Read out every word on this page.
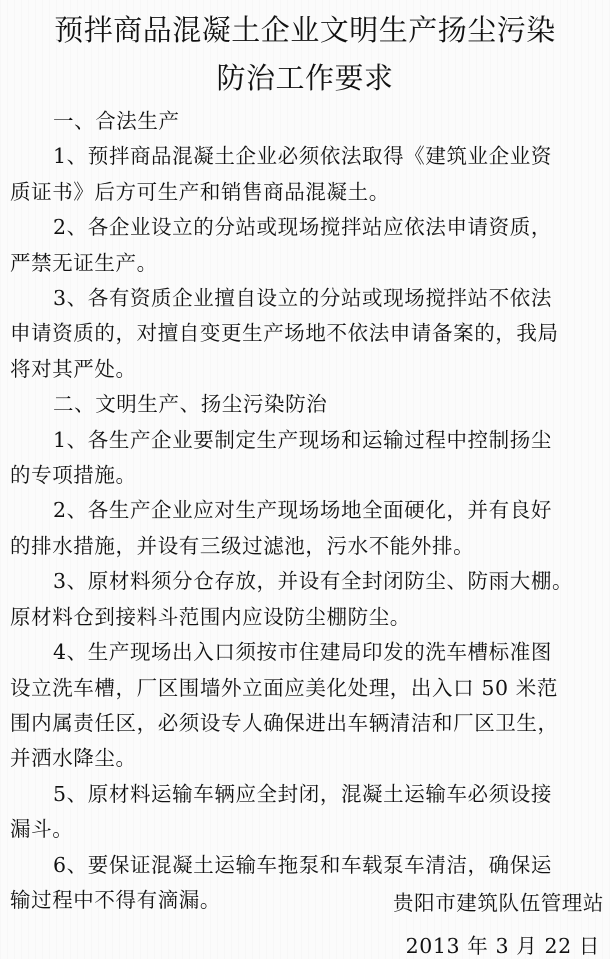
预拌商品混凝土企业文明生产扬尘污染
防治工作要求

一、合法生产

1、预拌商品混凝土企业必须依法取得《建筑业企业资

质证书》后方可生产和销售商品混凝土。

2、各企业设立的分站或现场搅拌站应依法申请资质，

严禁无证生产。

3、各有资质企业擅自设立的分站或现场搅拌站不依法

申请资质的，对擅自变更生产场地不依法申请备案的，我局

将对其严处。

二、文明生产、扬尘污染防治

1、各生产企业要制定生产现场和运输过程中控制扬尘

的专项措施。

2、各生产企业应对生产现场场地全面硬化，并有良好

的排水措施，并设有三级过滤池，污水不能外排。

3、原材料须分仓存放，并设有全封闭防尘、防雨大棚。

原材料仓到接料斗范围内应设防尘棚防尘。

4、生产现场出入口须按市住建局印发的洗车槽标准图

设立洗车槽，厂区围墙外立面应美化处理，出入口 50 米范

围内属责任区，必须设专人确保进出车辆清洁和厂区卫生，

并洒水降尘。

5、原材料运输车辆应全封闭，混凝土运输车必须设接

漏斗。

6、要保证混凝土运输车拖泵和车载泵车清洁，确保运

输过程中不得有滴漏。	贵阳市建筑队伍管理站
2013 年 3 月 22 日
